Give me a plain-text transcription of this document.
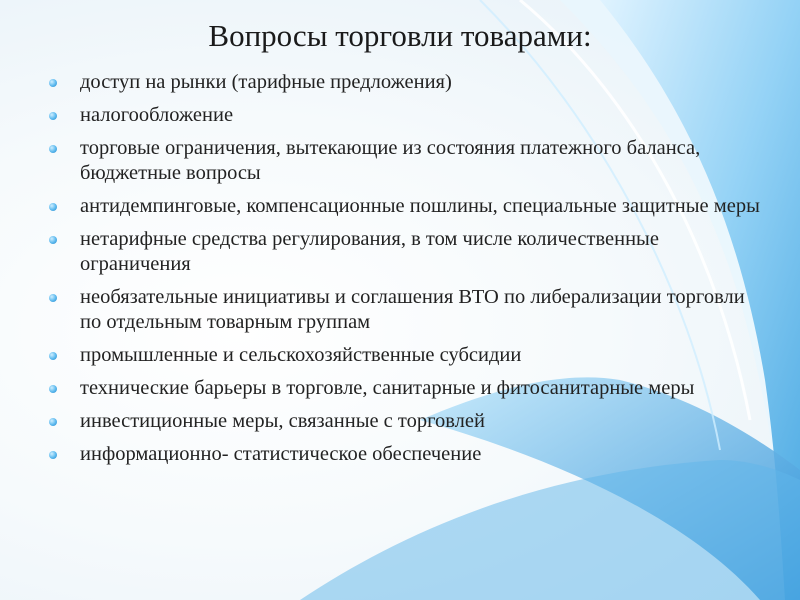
Вопросы торговли товарами:
доступ на рынки (тарифные предложения)
налогообложение
торговые ограничения, вытекающие из состояния платежного баланса, бюджетные вопросы
антидемпинговые, компенсационные пошлины, специальные защитные меры
нетарифные средства регулирования, в том числе количественные ограничения
необязательные инициативы и соглашения ВТО по либерализации торговли по отдельным товарным группам
промышленные и сельскохозяйственные субсидии
технические барьеры в торговле, санитарные и фитосанитарные меры
инвестиционные меры, связанные с торговлей
информационно- статистическое обеспечение
